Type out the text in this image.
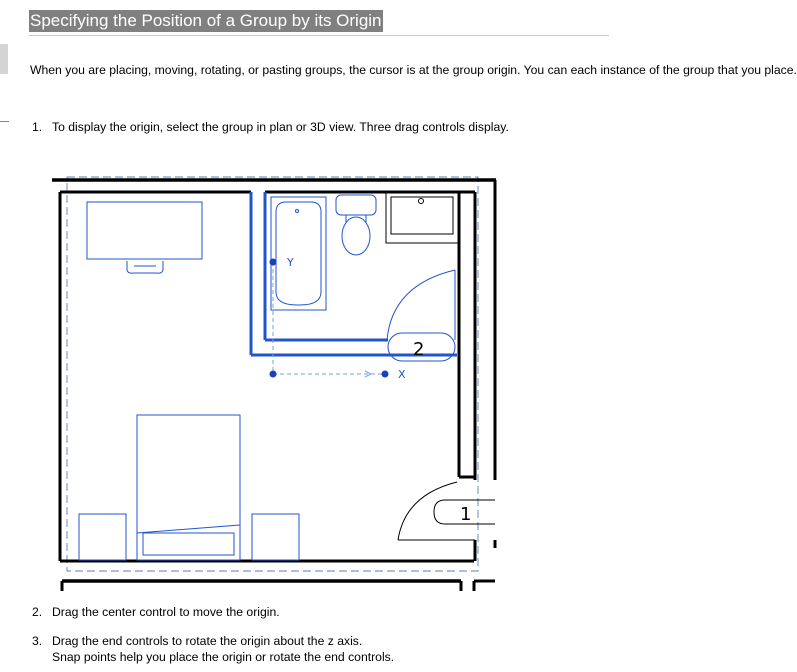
Specifying the Position of a Group by its Origin
When you are placing, moving, rotating, or pasting groups, the cursor is at the group origin. You can each instance of the group that you place.
1. To display the origin, select the group in plan or 3D view. Three drag controls display.
2
1
Y
X
2. Drag the center control to move the origin.
3. Drag the end controls to rotate the origin about the z axis.
Snap points help you place the origin or rotate the end controls.
